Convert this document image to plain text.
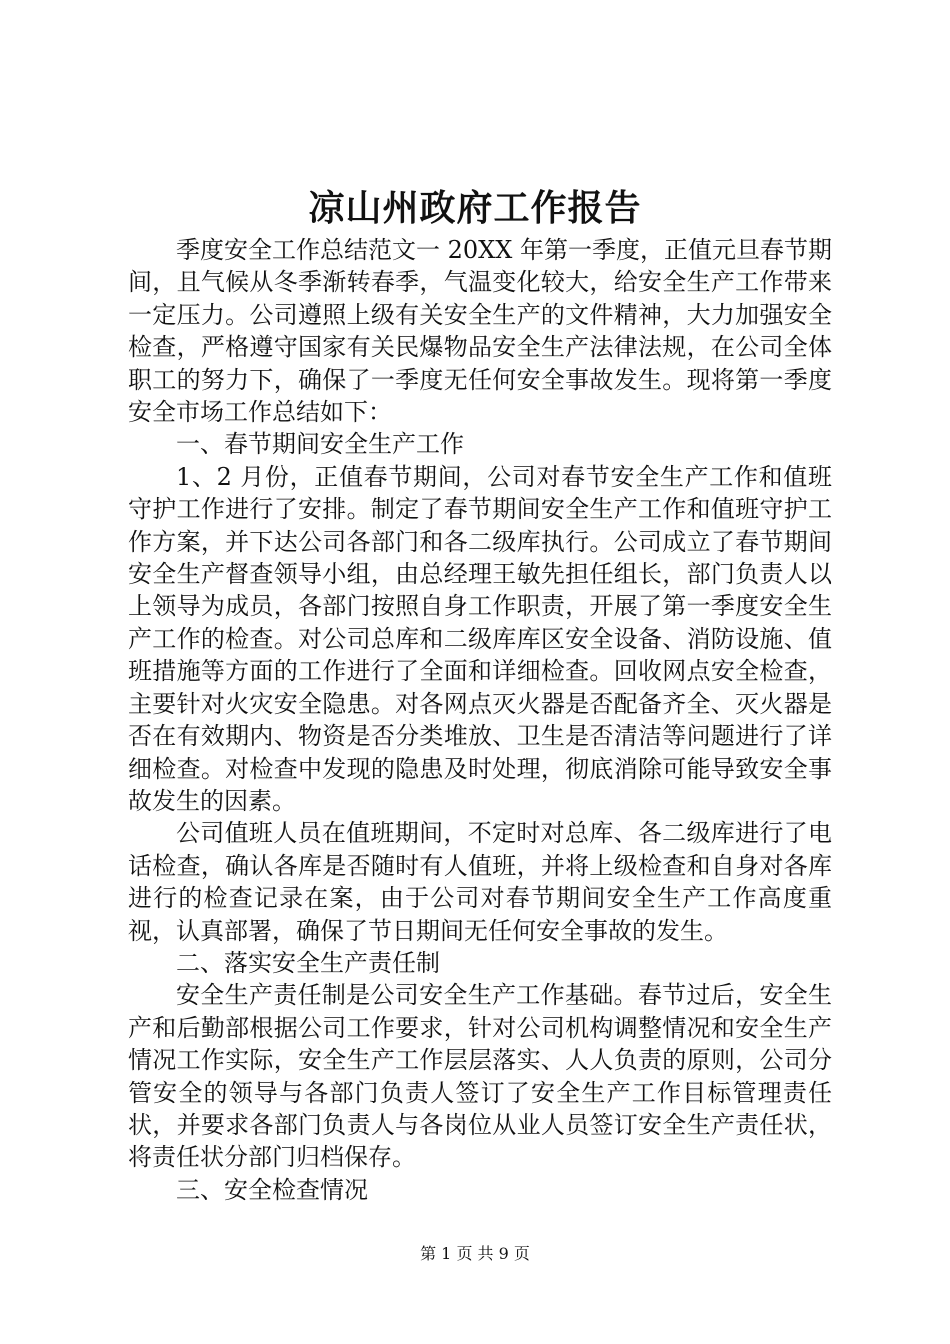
凉山州政府工作报告

季度安全工作总结范文一 20XX 年第一季度，正值元旦春节期间，且气候从冬季渐转春季，气温变化较大，给安全生产工作带来一定压力。公司遵照上级有关安全生产的文件精神，大力加强安全检查，严格遵守国家有关民爆物品安全生产法律法规，在公司全体职工的努力下，确保了一季度无任何安全事故发生。现将第一季度安全市场工作总结如下：

一、春节期间安全生产工作

1、2 月份，正值春节期间，公司对春节安全生产工作和值班守护工作进行了安排。制定了春节期间安全生产工作和值班守护工作方案，并下达公司各部门和各二级库执行。公司成立了春节期间安全生产督查领导小组，由总经理王敏先担任组长，部门负责人以上领导为成员，各部门按照自身工作职责，开展了第一季度安全生产工作的检查。对公司总库和二级库库区安全设备、消防设施、值班措施等方面的工作进行了全面和详细检查。回收网点安全检查，主要针对火灾安全隐患。对各网点灭火器是否配备齐全、灭火器是否在有效期内、物资是否分类堆放、卫生是否清洁等问题进行了详细检查。对检查中发现的隐患及时处理，彻底消除可能导致安全事故发生的因素。

公司值班人员在值班期间，不定时对总库、各二级库进行了电话检查，确认各库是否随时有人值班，并将上级检查和自身对各库进行的检查记录在案，由于公司对春节期间安全生产工作高度重视，认真部署，确保了节日期间无任何安全事故的发生。

二、落实安全生产责任制

安全生产责任制是公司安全生产工作基础。春节过后，安全生产和后勤部根据公司工作要求，针对公司机构调整情况和安全生产情况工作实际，安全生产工作层层落实、人人负责的原则，公司分管安全的领导与各部门负责人签订了安全生产工作目标管理责任状，并要求各部门负责人与各岗位从业人员签订安全生产责任状，将责任状分部门归档保存。

三、安全检查情况

第 1 页 共 9 页
